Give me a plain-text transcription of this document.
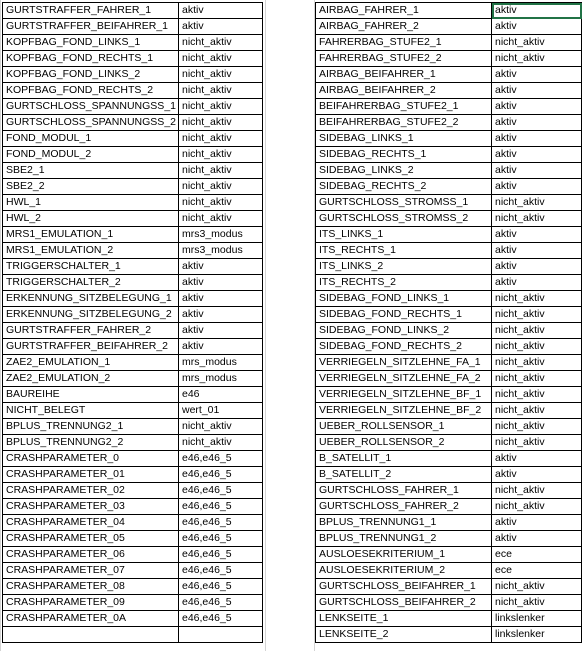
GURTSTRAFFER_FAHRER_1	aktiv
GURTSTRAFFER_BEIFAHRER_1	aktiv
KOPFBAG_FOND_LINKS_1	nicht_aktiv
KOPFBAG_FOND_RECHTS_1	nicht_aktiv
KOPFBAG_FOND_LINKS_2	nicht_aktiv
KOPFBAG_FOND_RECHTS_2	nicht_aktiv
GURTSCHLOSS_SPANNUNGSS_1	nicht_aktiv
GURTSCHLOSS_SPANNUNGSS_2	nicht_aktiv
FOND_MODUL_1	nicht_aktiv
FOND_MODUL_2	nicht_aktiv
SBE2_1	nicht_aktiv
SBE2_2	nicht_aktiv
HWL_1	nicht_aktiv
HWL_2	nicht_aktiv
MRS1_EMULATION_1	mrs3_modus
MRS1_EMULATION_2	mrs3_modus
TRIGGERSCHALTER_1	aktiv
TRIGGERSCHALTER_2	aktiv
ERKENNUNG_SITZBELEGUNG_1	aktiv
ERKENNUNG_SITZBELEGUNG_2	aktiv
GURTSTRAFFER_FAHRER_2	aktiv
GURTSTRAFFER_BEIFAHRER_2	aktiv
ZAE2_EMULATION_1	mrs_modus
ZAE2_EMULATION_2	mrs_modus
BAUREIHE	e46
NICHT_BELEGT	wert_01
BPLUS_TRENNUNG2_1	nicht_aktiv
BPLUS_TRENNUNG2_2	nicht_aktiv
CRASHPARAMETER_0	e46,e46_5
CRASHPARAMETER_01	e46,e46_5
CRASHPARAMETER_02	e46,e46_5
CRASHPARAMETER_03	e46,e46_5
CRASHPARAMETER_04	e46,e46_5
CRASHPARAMETER_05	e46,e46_5
CRASHPARAMETER_06	e46,e46_5
CRASHPARAMETER_07	e46,e46_5
CRASHPARAMETER_08	e46,e46_5
CRASHPARAMETER_09	e46,e46_5
CRASHPARAMETER_0A	e46,e46_5

AIRBAG_FAHRER_1	aktiv
AIRBAG_FAHRER_2	aktiv
FAHRERBAG_STUFE2_1	nicht_aktiv
FAHRERBAG_STUFE2_2	nicht_aktiv
AIRBAG_BEIFAHRER_1	aktiv
AIRBAG_BEIFAHRER_2	aktiv
BEIFAHRERBAG_STUFE2_1	aktiv
BEIFAHRERBAG_STUFE2_2	aktiv
SIDEBAG_LINKS_1	aktiv
SIDEBAG_RECHTS_1	aktiv
SIDEBAG_LINKS_2	aktiv
SIDEBAG_RECHTS_2	aktiv
GURTSCHLOSS_STROMSS_1	nicht_aktiv
GURTSCHLOSS_STROMSS_2	nicht_aktiv
ITS_LINKS_1	aktiv
ITS_RECHTS_1	aktiv
ITS_LINKS_2	aktiv
ITS_RECHTS_2	aktiv
SIDEBAG_FOND_LINKS_1	nicht_aktiv
SIDEBAG_FOND_RECHTS_1	nicht_aktiv
SIDEBAG_FOND_LINKS_2	nicht_aktiv
SIDEBAG_FOND_RECHTS_2	nicht_aktiv
VERRIEGELN_SITZLEHNE_FA_1	nicht_aktiv
VERRIEGELN_SITZLEHNE_FA_2	nicht_aktiv
VERRIEGELN_SITZLEHNE_BF_1	nicht_aktiv
VERRIEGELN_SITZLEHNE_BF_2	nicht_aktiv
UEBER_ROLLSENSOR_1	nicht_aktiv
UEBER_ROLLSENSOR_2	nicht_aktiv
B_SATELLIT_1	aktiv
B_SATELLIT_2	aktiv
GURTSCHLOSS_FAHRER_1	nicht_aktiv
GURTSCHLOSS_FAHRER_2	nicht_aktiv
BPLUS_TRENNUNG1_1	aktiv
BPLUS_TRENNUNG1_2	aktiv
AUSLOESEKRITERIUM_1	ece
AUSLOESEKRITERIUM_2	ece
GURTSCHLOSS_BEIFAHRER_1	nicht_aktiv
GURTSCHLOSS_BEIFAHRER_2	nicht_aktiv
LENKSEITE_1	linkslenker
LENKSEITE_2	linkslenker
